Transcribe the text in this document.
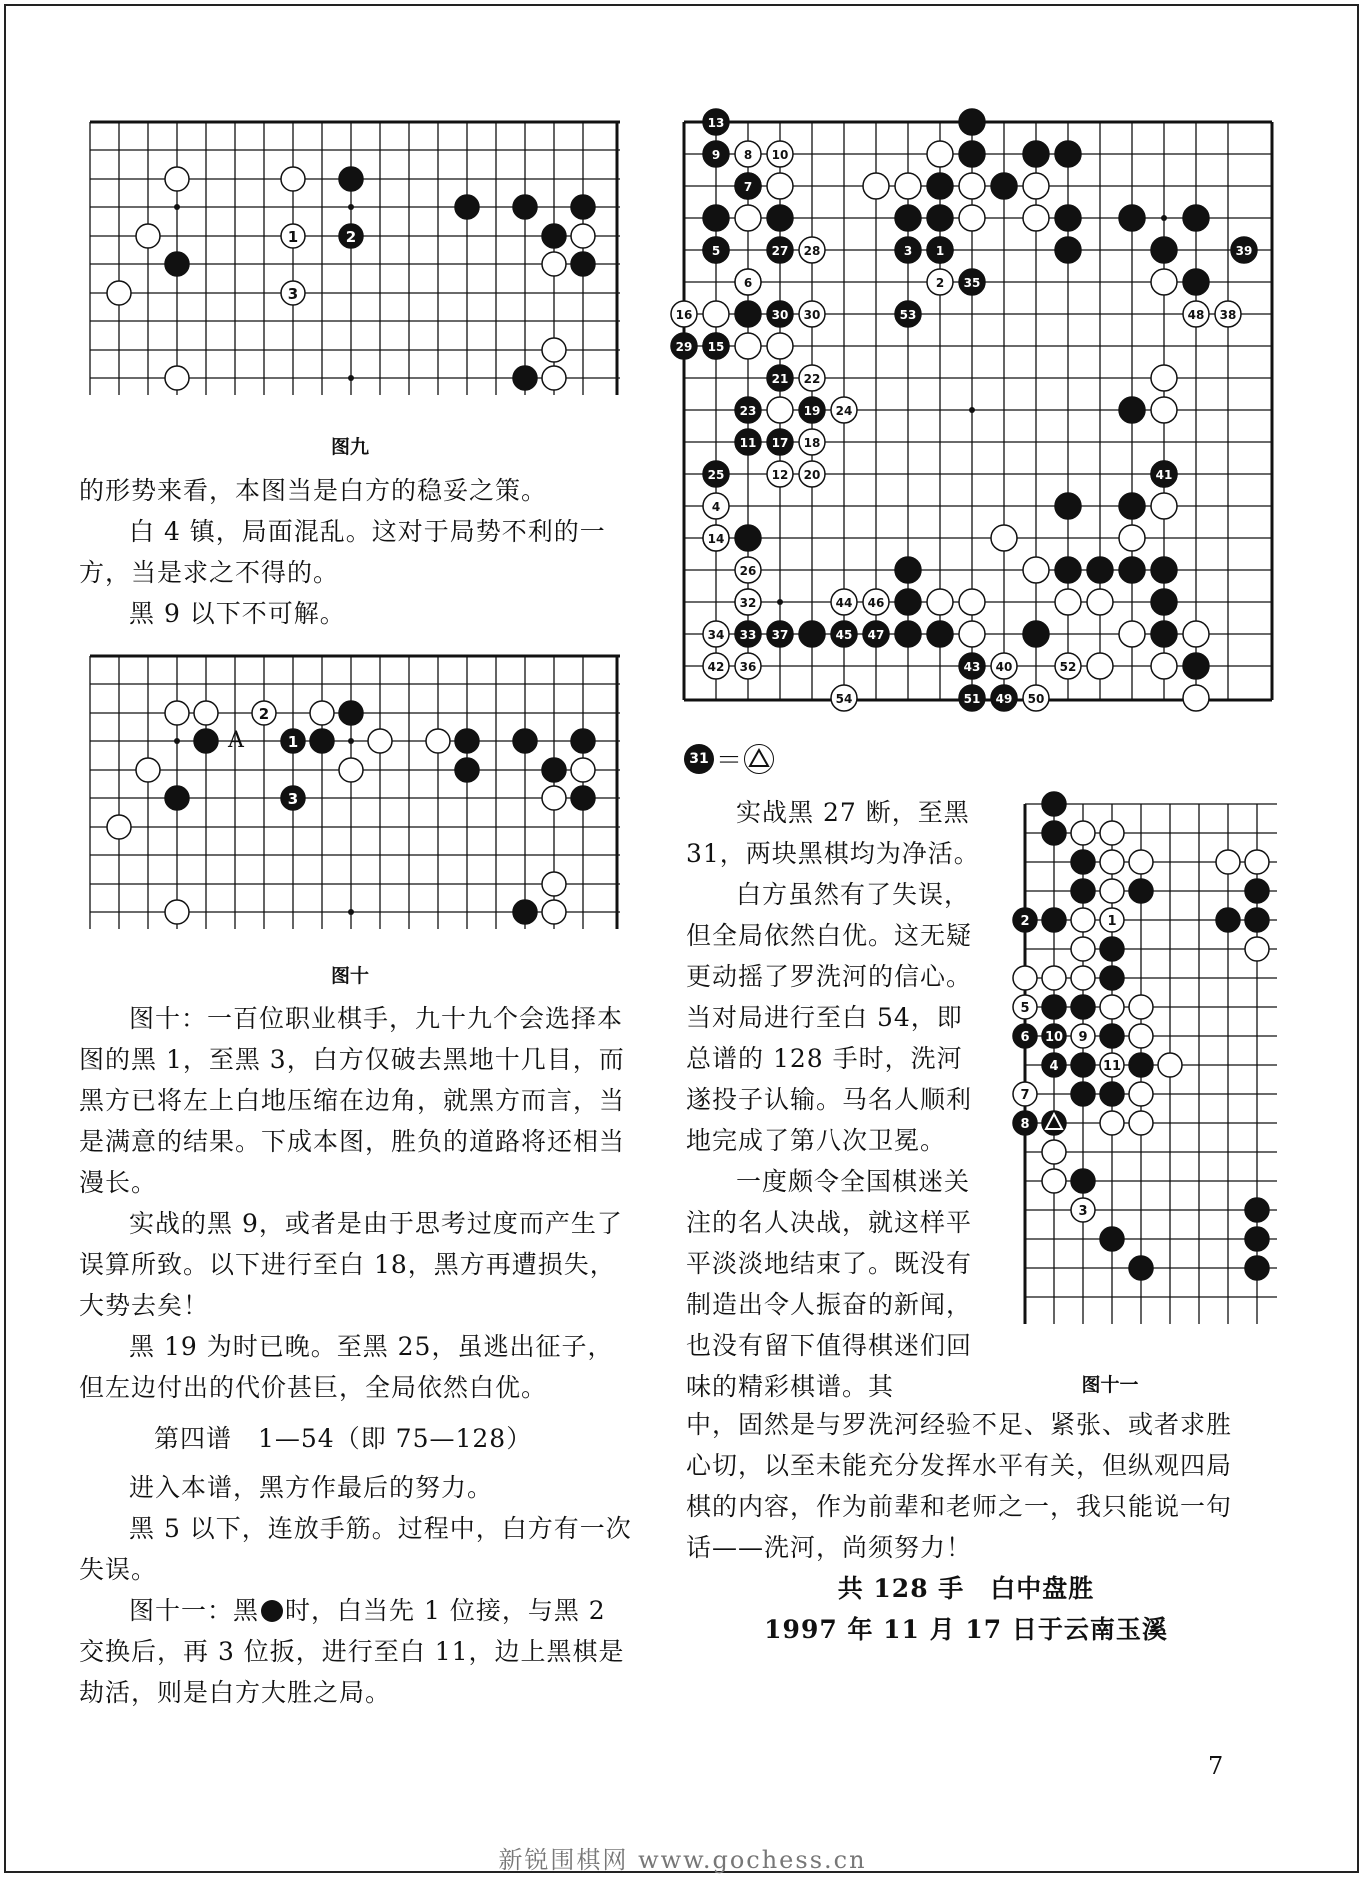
1	2
3
图九

的形势来看，本图当是白方的稳妥之策。

白 4 镇，局面混乱。这对于局势不利的一方，当是求之不得的。

黑 9 以下不可解。

2
1
3
A
图十

图十：一百位职业棋手，九十九个会选择本图的黑 1，至黑 3，白方仅破去黑地十几目，而黑方已将左上白地压缩在边角，就黑方而言，当是满意的结果。下成本图，胜负的道路将还相当漫长。

实战的黑 9，或者是由于思考过度而产生了误算所致。以下进行至白 18，黑方再遭损失，大势去矣！

黑 19 为时已晚。至黑 25，虽逃出征子，但左边付出的代价甚巨，全局依然白优。

第四谱　1—54（即 75—128）

进入本谱，黑方作最后的努力。

黑 5 以下，连放手筋。过程中，白方有一次失误。

图十一：黑 时，白当先 1 位接，与黑 2 交换后，再 3 位扳，进行至白 11，边上黑棋是劫活，则是白方大胜之局。

13
9 8 10
7
5	27 28	3 1	39
6	2 35
16	30 30	53	48 38
29 15
21 22
23	19 24
11 17 18
25	12 20	41
4
14
26
32	44 46
34 33 37	45 47
42 36	43 40	52
54	51 49 50
31 ＝

实战黑 27 断，至黑 31，两块黑棋均为净活。

白方虽然有了失误，但全局依然白优。这无疑更动摇了罗洗河的信心。当对局进行至白 54，即总谱的 128 手时，洗河遂投子认输。马名人顺利地完成了第八次卫冕。

一度颇令全国棋迷关注的名人决战，就这样平平淡淡地结束了。既没有制造出令人振奋的新闻，也没有留下值得棋迷们回味的精彩棋谱。其

2	1
5
6 10 9
4	11
7
8
3
图十一

中，固然是与罗洗河经验不足、紧张、或者求胜心切，以至未能充分发挥水平有关，但纵观四局棋的内容，作为前辈和老师之一，我只能说一句话——洗河，尚须努力！

共 128 手　白中盘胜

1997 年 11 月 17 日于云南玉溪

7
新锐围棋网 www.gochess.cn
